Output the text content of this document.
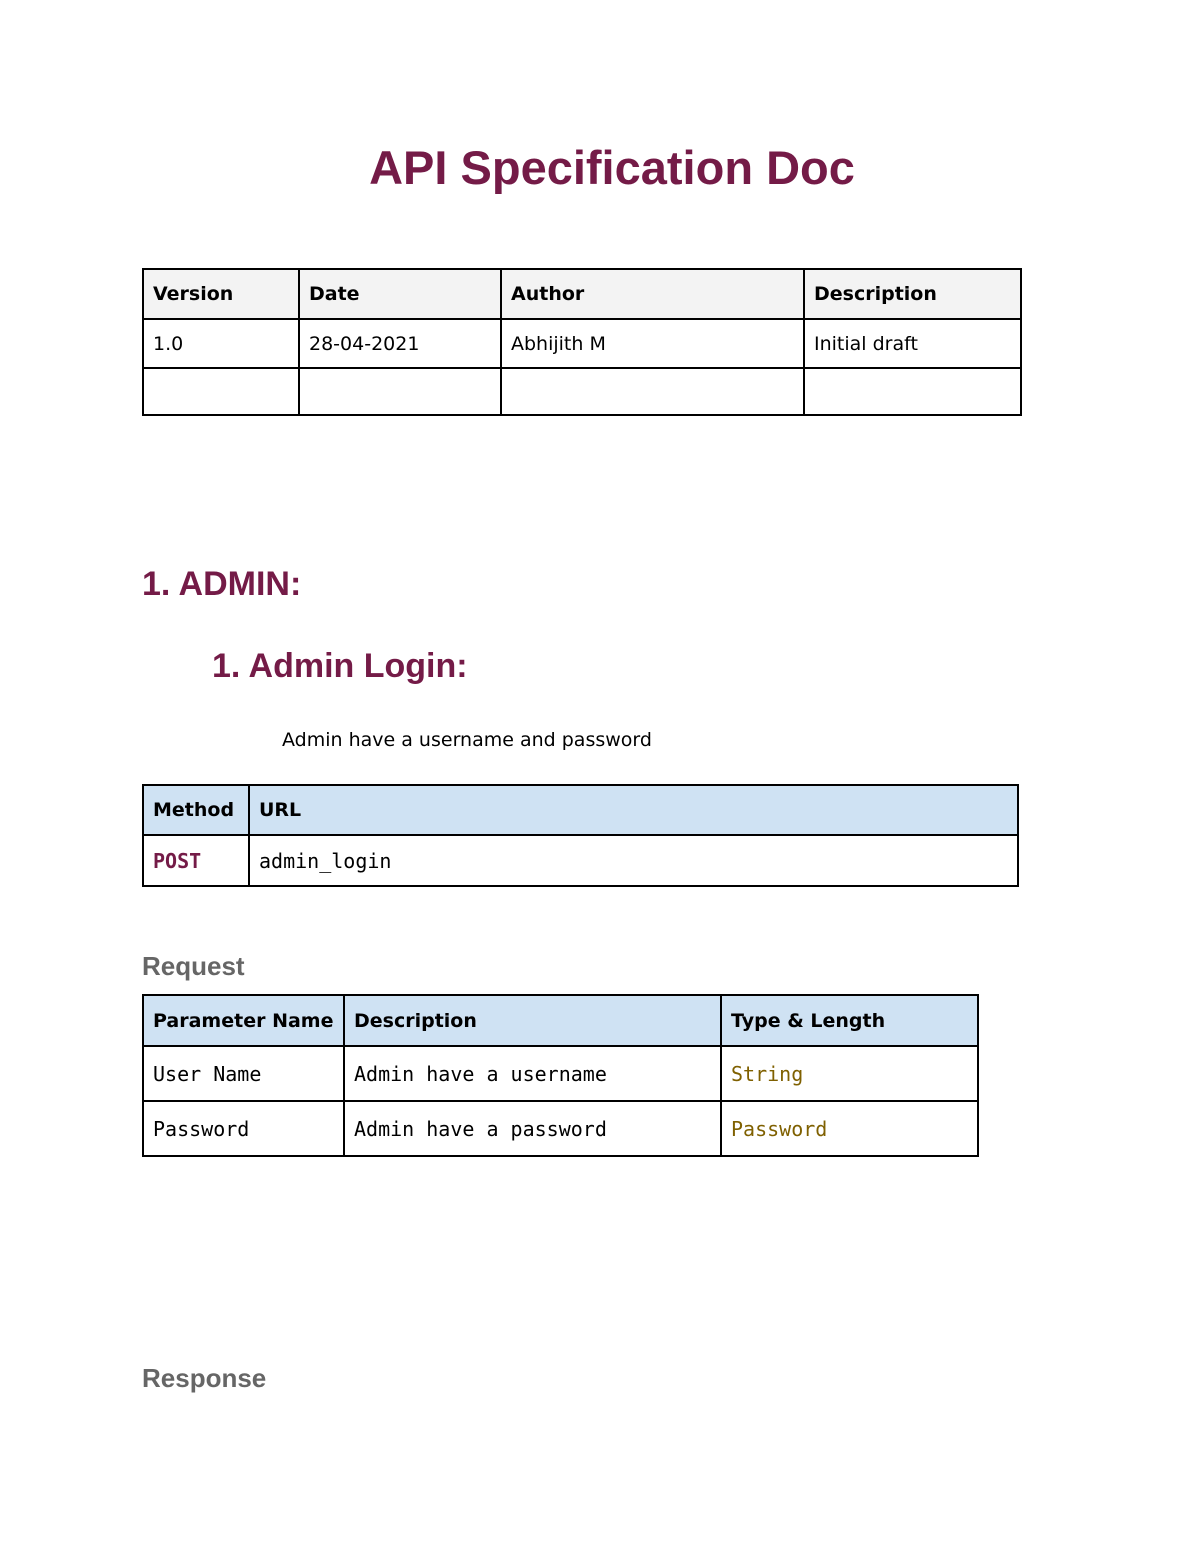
API Specification Doc
Version	Date	Author	Description
1.0	28-04-2021	Abhijith M	Initial draft

1. ADMIN:
1. Admin Login:

Admin have a username and password

Method	URL
POST	admin_login
Request
Parameter Name	Description	Type & Length
User Name	Admin have a username	String
Password	Admin have a password	Password
Response
